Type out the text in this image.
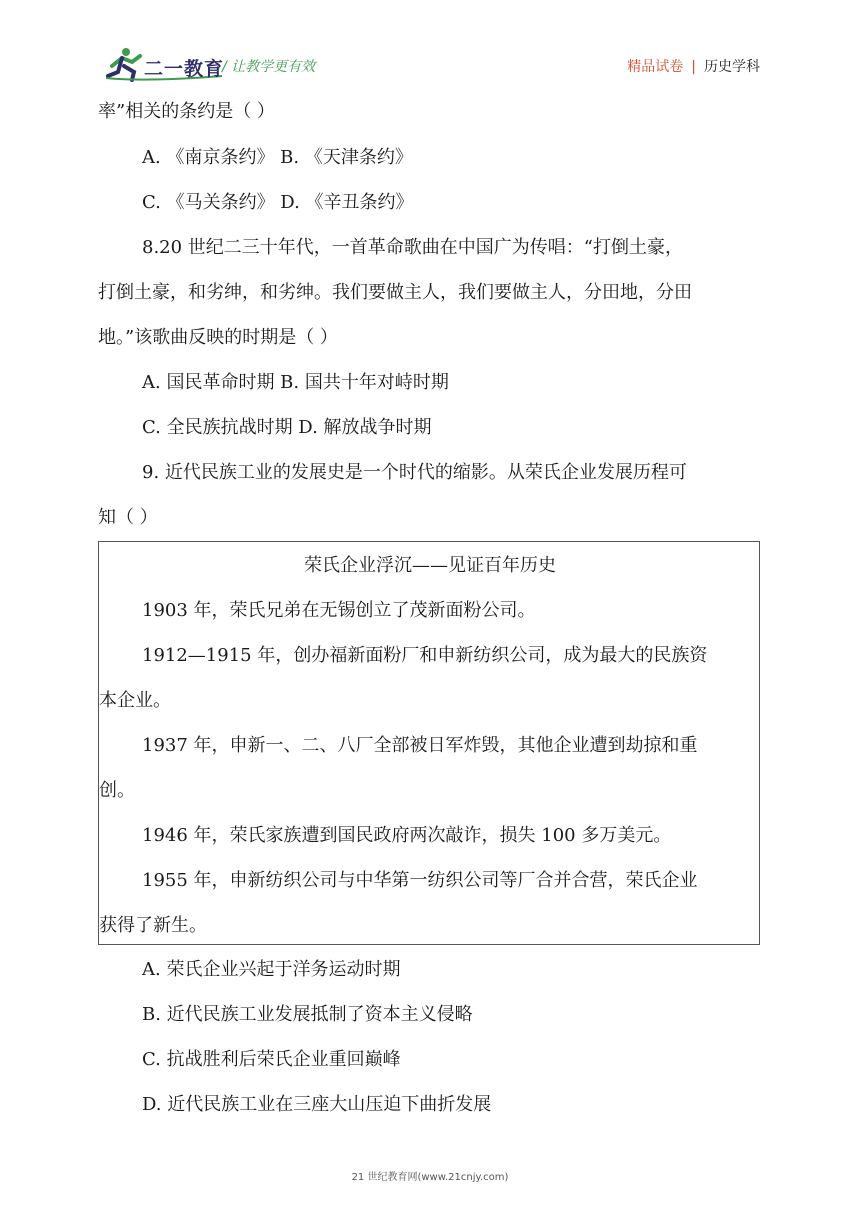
二一教育
/ 让教学更有效	精品试卷 | 历史学科
率”相关的条约是（ ）
A. 《南京条约》 B. 《天津条约》
C. 《马关条约》 D. 《辛丑条约》
8.20 世纪二三十年代，一首革命歌曲在中国广为传唱：“打倒土豪，
打倒土豪，和劣绅，和劣绅。我们要做主人，我们要做主人，分田地，分田
地。”该歌曲反映的时期是（ ）
A. 国民革命时期 B. 国共十年对峙时期
C. 全民族抗战时期 D. 解放战争时期
9. 近代民族工业的发展史是一个时代的缩影。从荣氏企业发展历程可
知（ ）
荣氏企业浮沉——见证百年历史
1903 年，荣氏兄弟在无锡创立了茂新面粉公司。
1912—1915 年，创办福新面粉厂和申新纺织公司，成为最大的民族资
本企业。
1937 年，申新一、二、八厂全部被日军炸毁，其他企业遭到劫掠和重
创。
1946 年，荣氏家族遭到国民政府两次敲诈，损失 100 多万美元。
1955 年，申新纺织公司与中华第一纺织公司等厂合并合营，荣氏企业
获得了新生。
A. 荣氏企业兴起于洋务运动时期
B. 近代民族工业发展抵制了资本主义侵略
C. 抗战胜利后荣氏企业重回巅峰
D. 近代民族工业在三座大山压迫下曲折发展
21 世纪教育网(www.21cnjy.com)
